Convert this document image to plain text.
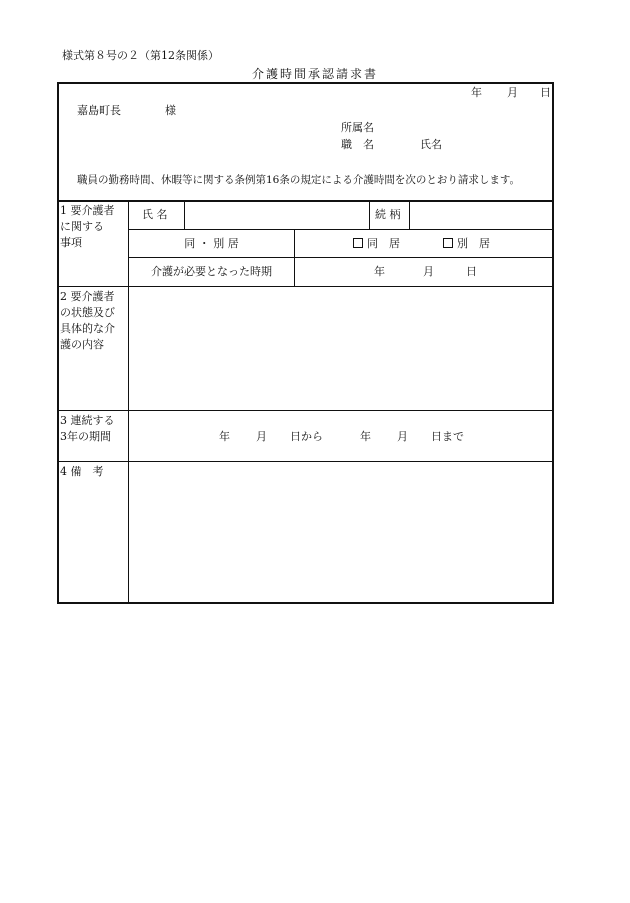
様式第８号の２（第12条関係）
介護時間承認請求書
年 月 日
嘉島町長	様
所属名
職　名	氏名
職員の勤務時間、休暇等に関する条例第16条の規定による介護時間を次のとおり請求します。
1 要介護者
に関する
事項
氏 名	続 柄
同 ・ 別 居	同　居	別　居
介護が必要となった時期	年	月	日
2 要介護者
の状態及び
具体的な介
護の内容
3 連続する
3年の期間	年 月 日から	年 月 日まで
4 備　考
